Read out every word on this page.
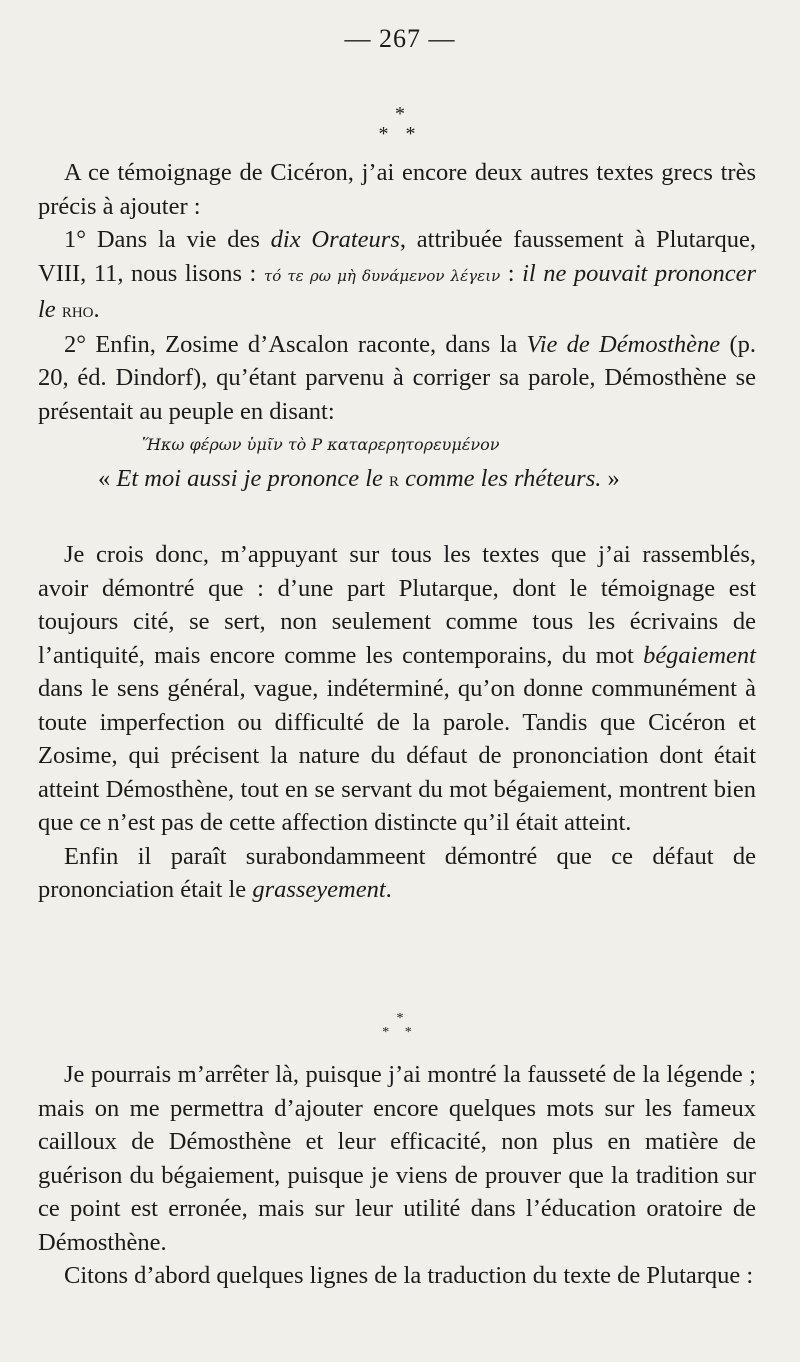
— 267 —
*
* *

A ce témoignage de Cicéron, j’ai encore deux autres textes grecs très précis à ajouter :

1° Dans la vie des dix Orateurs, attribuée faussement à Plutarque, VIII, 11, nous lisons : τό τε ρω μὴ δυνάμενον λέγειν : il ne pouvait prononcer le rho.

2° Enfin, Zosime d’Ascalon raconte, dans la Vie de Démosthène (p. 20, éd. Dindorf), qu’étant parvenu à corriger sa parole, Démosthène se présentait au peuple en disant:

Ἥκω φέρων ὑμῖν τὸ Ρ καταρερητορευμένον

« Et moi aussi je prononce le r comme les rhéteurs. »

Je crois donc, m’appuyant sur tous les textes que j’ai rassemblés, avoir démontré que : d’une part Plutarque, dont le témoignage est toujours cité, se sert, non seulement comme tous les écrivains de l’antiquité, mais encore comme les contemporains, du mot bégaiement dans le sens général, vague, indéterminé, qu’on donne communément à toute imperfection ou difficulté de la parole. Tandis que Cicéron et Zosime, qui précisent la nature du défaut de prononciation dont était atteint Démosthène, tout en se servant du mot bégaiement, montrent bien que ce n’est pas de cette affection distincte qu’il était atteint.

Enfin il paraît surabondammeent démontré que ce défaut de prononciation était le grasseyement.

*
* *

Je pourrais m’arrêter là, puisque j’ai montré la fausseté de la légende ; mais on me permettra d’ajouter encore quelques mots sur les fameux cailloux de Démosthène et leur efficacité, non plus en matière de guérison du bégaiement, puisque je viens de prouver que la tradition sur ce point est erronée, mais sur leur utilité dans l’éducation oratoire de Démosthène.

Citons d’abord quelques lignes de la traduction du texte de Plutarque :
